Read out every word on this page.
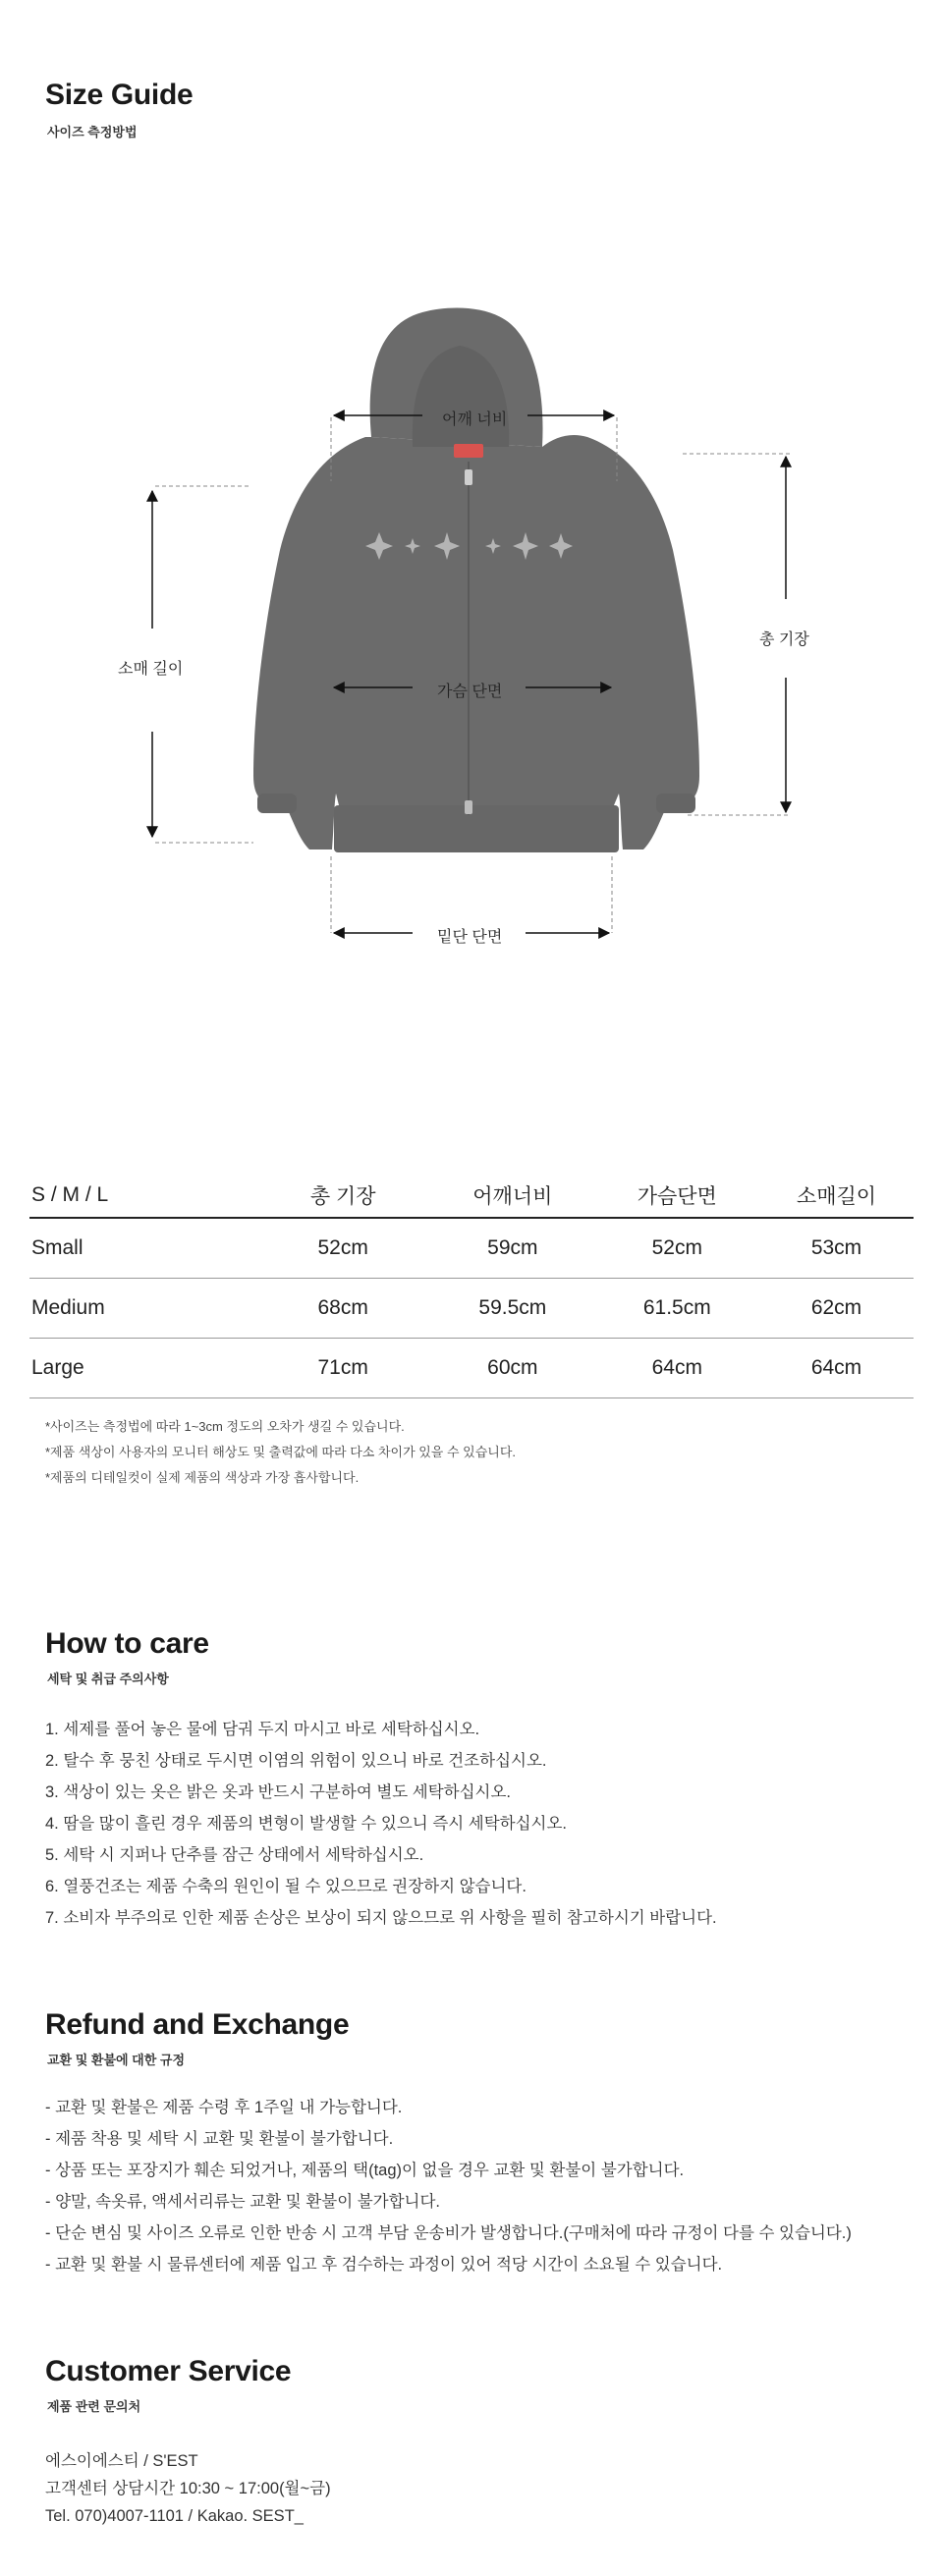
Size Guide
사이즈 측정방법
어깨 너비
가슴 단면
소매 길이
총 기장
밑단 단면
S / M / L	총 기장	어깨너비	가슴단면	소매길이
Small	52cm	59cm	52cm	53cm
Medium	68cm	59.5cm	61.5cm	62cm
Large	71cm	60cm	64cm	64cm
*사이즈는 측정법에 따라 1~3cm 정도의 오차가 생길 수 있습니다.
*제품 색상이 사용자의 모니터 해상도 및 출력값에 따라 다소 차이가 있을 수 있습니다.
*제품의 디테일컷이 실제 제품의 색상과 가장 흡사합니다.
How to care
세탁 및 취급 주의사항
1. 세제를 풀어 놓은 물에 담궈 두지 마시고 바로 세탁하십시오.
2. 탈수 후 뭉친 상태로 두시면 이염의 위험이 있으니 바로 건조하십시오.
3. 색상이 있는 옷은 밝은 옷과 반드시 구분하여 별도 세탁하십시오.
4. 땀을 많이 흘린 경우 제품의 변형이 발생할 수 있으니 즉시 세탁하십시오.
5. 세탁 시 지퍼나 단추를 잠근 상태에서 세탁하십시오.
6. 열풍건조는 제품 수축의 원인이 될 수 있으므로 권장하지 않습니다.
7. 소비자 부주의로 인한 제품 손상은 보상이 되지 않으므로 위 사항을 필히 참고하시기 바랍니다.
Refund and Exchange
교환 및 환불에 대한 규정
- 교환 및 환불은 제품 수령 후 1주일 내 가능합니다.
- 제품 착용 및 세탁 시 교환 및 환불이 불가합니다.
- 상품 또는 포장지가 훼손 되었거나, 제품의 택(tag)이 없을 경우 교환 및 환불이 불가합니다.
- 양말, 속옷류, 액세서리류는 교환 및 환불이 불가합니다.
- 단순 변심 및 사이즈 오류로 인한 반송 시 고객 부담 운송비가 발생합니다.(구매처에 따라 규정이 다를 수 있습니다.)
- 교환 및 환불 시 물류센터에 제품 입고 후 검수하는 과정이 있어 적당 시간이 소요될 수 있습니다.
Customer Service
제품 관련 문의처
에스이에스티 / S'EST
고객센터 상담시간 10:30 ~ 17:00(월~금)
Tel. 070)4007-1101 / Kakao. SEST_
